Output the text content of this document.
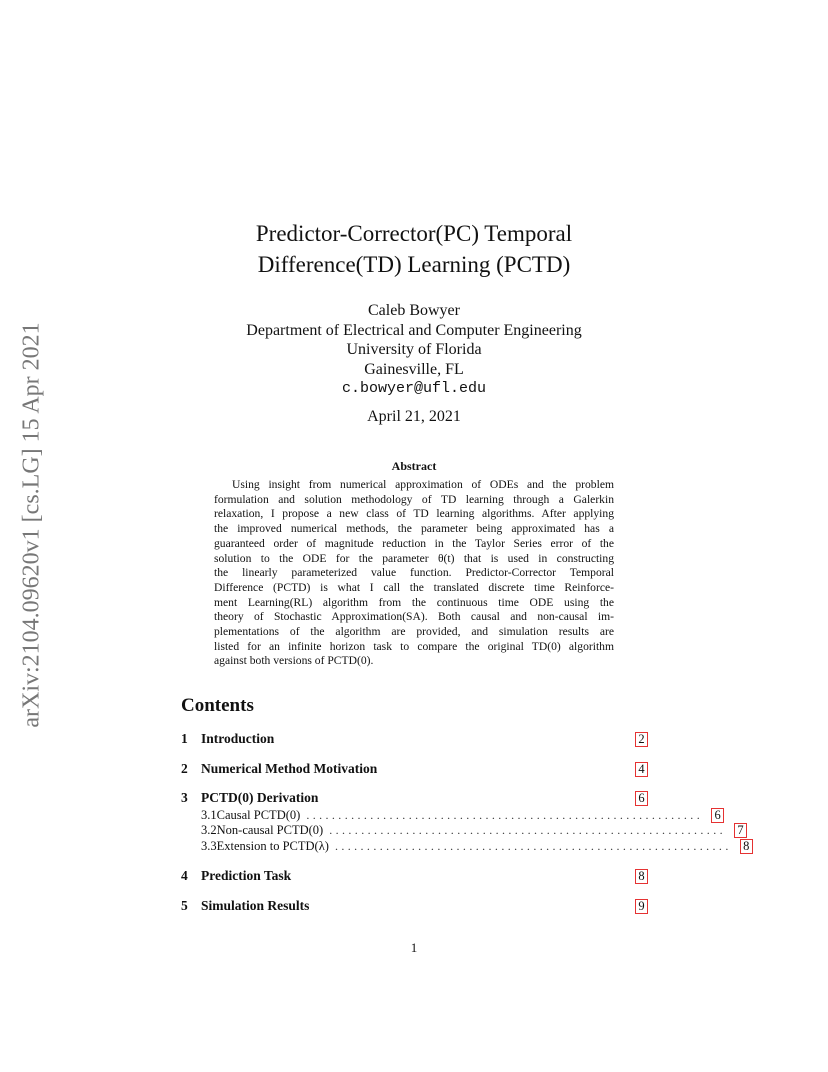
arXiv:2104.09620v1 [cs.LG] 15 Apr 2021
Predictor-Corrector(PC) Temporal
Difference(TD) Learning (PCTD)
Caleb Bowyer
Department of Electrical and Computer Engineering
University of Florida
Gainesville, FL
c.bowyer@ufl.edu
April 21, 2021
Abstract
Using insight from numerical approximation of ODEs and the problem
formulation and solution methodology of TD learning through a Galerkin
relaxation, I propose a new class of TD learning algorithms. After applying
the improved numerical methods, the parameter being approximated has a
guaranteed order of magnitude reduction in the Taylor Series error of the
solution to the ODE for the parameter θ(t) that is used in constructing
the linearly parameterized value function. Predictor-Corrector Temporal
Difference (PCTD) is what I call the translated discrete time Reinforce-
ment Learning(RL) algorithm from the continuous time ODE using the
theory of Stochastic Approximation(SA). Both causal and non-causal im-
plementations of the algorithm are provided, and simulation results are
listed for an infinite horizon task to compare the original TD(0) algorithm
against both versions of PCTD(0).
Contents
1 Introduction	2
2 Numerical Method Motivation	4
3 PCTD(0) Derivation	6
3.1 Causal PCTD(0) .............................................................. 6
3.2 Non-causal PCTD(0) .............................................................. 7
3.3 Extension to PCTD(λ) .............................................................. 8
4 Prediction Task	8
5 Simulation Results	9
1
